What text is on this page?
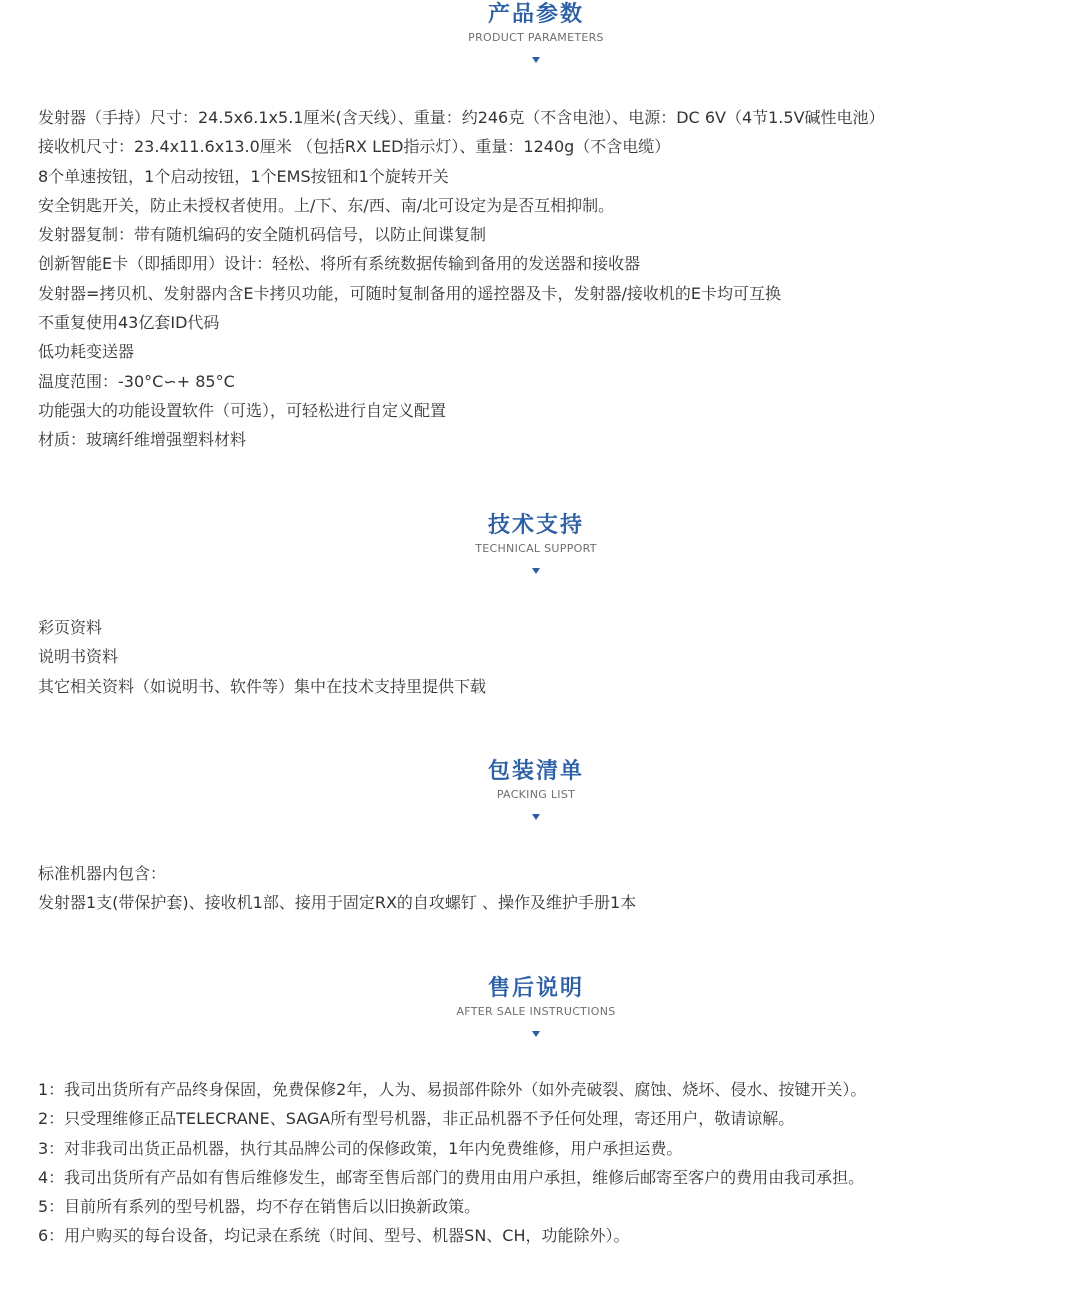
产品参数
PRODUCT PARAMETERS
发射器（手持）尺寸：24.5x6.1x5.1厘米(含天线）、重量：约246克（不含电池）、电源：DC 6V（4节1.5V碱性电池）
接收机尺寸：23.4x11.6x13.0厘米 （包括RX LED指示灯）、重量：1240g（不含电缆）
8个单速按钮，1个启动按钮，1个EMS按钮和1个旋转开关
安全钥匙开关，防止未授权者使用。上/下、东/西、南/北可设定为是否互相抑制。
发射器复制：带有随机编码的安全随机码信号，以防止间谍复制
创新智能E卡（即插即用）设计：轻松、将所有系统数据传输到备用的发送器和接收器
发射器=拷贝机、发射器内含E卡拷贝功能，可随时复制备用的遥控器及卡，发射器/接收机的E卡均可互换
不重复使用43亿套ID代码
低功耗变送器
温度范围：-30°C∽+ 85°C
功能强大的功能设置软件（可选），可轻松进行自定义配置
材质：玻璃纤维增强塑料材料
技术支持
TECHNICAL SUPPORT
彩页资料
说明书资料
其它相关资料（如说明书、软件等）集中在技术支持里提供下载
包装清单
PACKING LIST
标准机器内包含：
发射器1支(带保护套)、接收机1部、接用于固定RX的自攻螺钉 、操作及维护手册1本
售后说明
AFTER SALE INSTRUCTIONS
1：我司出货所有产品终身保固，免费保修2年，人为、易损部件除外（如外壳破裂、腐蚀、烧坏、侵水、按键开关）。
2：只受理维修正品TELECRANE、SAGA所有型号机器，非正品机器不予任何处理，寄还用户，敬请谅解。
3：对非我司出货正品机器，执行其品牌公司的保修政策，1年内免费维修，用户承担运费。
4：我司出货所有产品如有售后维修发生，邮寄至售后部门的费用由用户承担，维修后邮寄至客户的费用由我司承担。
5：目前所有系列的型号机器，均不存在销售后以旧换新政策。
6：用户购买的每台设备，均记录在系统（时间、型号、机器SN、CH，功能除外）。
